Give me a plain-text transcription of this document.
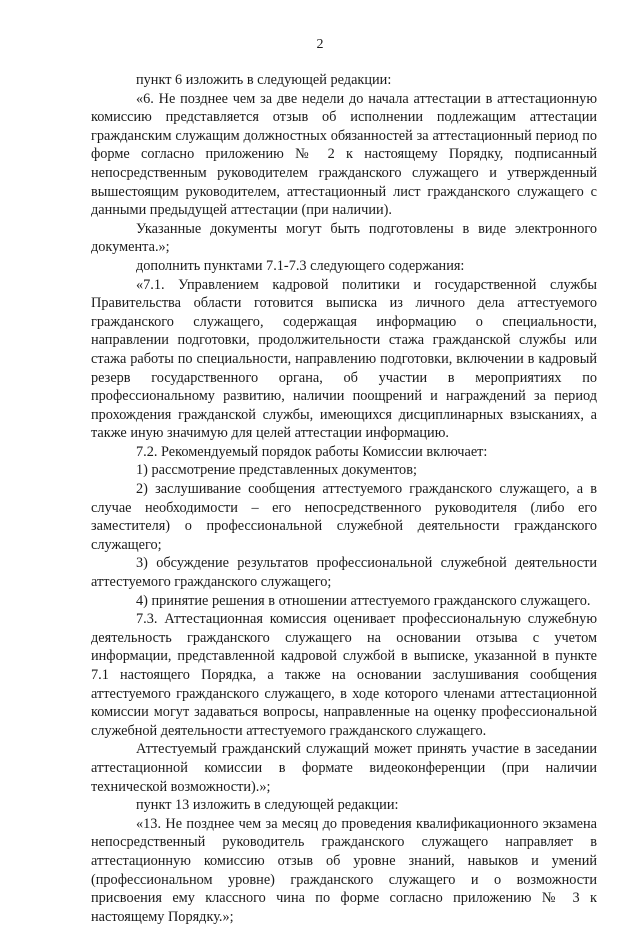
2

пункт 6 изложить в следующей редакции:

«6. Не позднее чем за две недели до начала аттестации в аттестационную комиссию представляется отзыв об исполнении подлежащим аттестации гражданским служащим должностных обязанностей за аттестационный период по форме согласно приложению № 2 к настоящему Порядку, подписанный непосредственным руководителем гражданского служащего и утвержденный вышестоящим руководителем, аттестационный лист гражданского служащего с данными предыдущей аттестации (при наличии).

Указанные документы могут быть подготовлены в виде электронного документа.»;

дополнить пунктами 7.1-7.3 следующего содержания:

«7.1. Управлением кадровой политики и государственной службы Правительства области готовится выписка из личного дела аттестуемого гражданского служащего, содержащая информацию о специальности, направлении подготовки, продолжительности стажа гражданской службы или стажа работы по специальности, направлению подготовки, включении в кадровый резерв государственного органа, об участии в мероприятиях по профессиональному развитию, наличии поощрений и награждений за период прохождения гражданской службы, имеющихся дисциплинарных взысканиях, а также иную значимую для целей аттестации информацию.

7.2. Рекомендуемый порядок работы Комиссии включает:

1) рассмотрение представленных документов;

2) заслушивание сообщения аттестуемого гражданского служащего, а в случае необходимости – его непосредственного руководителя (либо его заместителя) о профессиональной служебной деятельности гражданского служащего;

3) обсуждение результатов профессиональной служебной деятельности аттестуемого гражданского служащего;

4) принятие решения в отношении аттестуемого гражданского служащего.

7.3. Аттестационная комиссия оценивает профессиональную служебную деятельность гражданского служащего на основании отзыва с учетом информации, представленной кадровой службой в выписке, указанной в пункте 7.1 настоящего Порядка, а также на основании заслушивания сообщения аттестуемого гражданского служащего, в ходе которого членами аттестационной комиссии могут задаваться вопросы, направленные на оценку профессиональной служебной деятельности аттестуемого гражданского служащего.

Аттестуемый гражданский служащий может принять участие в заседании аттестационной комиссии в формате видеоконференции (при наличии технической возможности).»;

пункт 13 изложить в следующей редакции:

«13. Не позднее чем за месяц до проведения квалификационного экзамена непосредственный руководитель гражданского служащего направляет в аттестационную комиссию отзыв об уровне знаний, навыков и умений (профессиональном уровне) гражданского служащего и о возможности присвоения ему классного чина по форме согласно приложению № 3 к настоящему Порядку.»;
